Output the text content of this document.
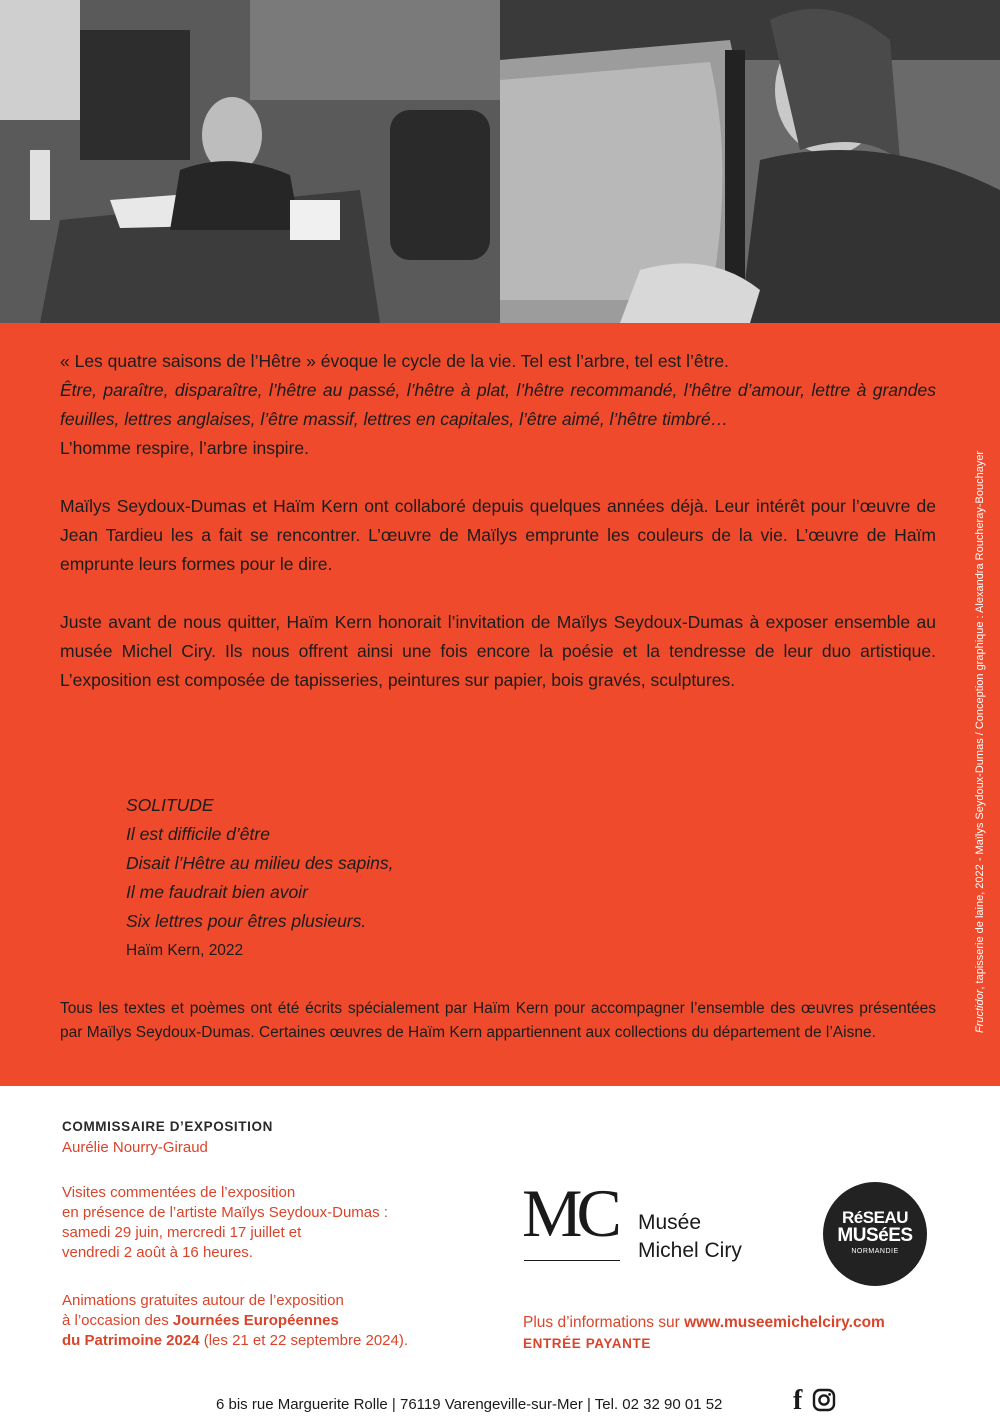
« Les quatre saisons de l’Hêtre » évoque le cycle de la vie. Tel est l’arbre, tel est l’être.

Être, paraître, disparaître, l’hêtre au passé, l’hêtre à plat, l’hêtre recommandé, l’hêtre d’amour, lettre à grandes feuilles, lettres anglaises, l’être massif, lettres en capitales, l’être aimé, l’hêtre timbré…

L’homme respire, l’arbre inspire.

Maïlys Seydoux-Dumas et Haïm Kern ont collaboré depuis quelques années déjà. Leur intérêt pour l’œuvre de Jean Tardieu les a fait se rencontrer. L’œuvre de Maïlys emprunte les couleurs de la vie. L’œuvre de Haïm emprunte leurs formes pour le dire.

Juste avant de nous quitter, Haïm Kern honorait l’invitation de Maïlys Seydoux-Dumas à exposer ensemble au musée Michel Ciry. Ils nous offrent ainsi une fois encore la poésie et la tendresse de leur duo artistique. L’exposition est composée de tapisseries, peintures sur papier, bois gravés, sculptures.

SOLITUDE
Il est difficile d’être
Disait l’Hêtre au milieu des sapins,
Il me faudrait bien avoir
Six lettres pour êtres plusieurs.
Haïm Kern, 2022

Tous les textes et poèmes ont été écrits spécialement par Haïm Kern pour accompagner l’ensemble des œuvres présentées par Maïlys Seydoux-Dumas. Certaines œuvres de Haïm Kern appartiennent aux collections du département de l’Aisne.	Fructidor, tapisserie de laine, 2022 - Maïlys Seydoux-Dumas / Conception graphique : Alexandra Roucheray-Bouchayer
COMMISSAIRE D’EXPOSITION
Aurélie Nourry-Giraud
Visites commentées de l’exposition
en présence de l’artiste Maïlys Seydoux-Dumas :
samedi 29 juin, mercredi 17 juillet et
vendredi 2 août à 16 heures.
Animations gratuites autour de l’exposition
à l’occasion des Journées Européennes
du Patrimoine 2024 (les 21 et 22 septembre 2024).
MC Musée
Michel Ciry
RéSEAU
MUSéES
NORMANDIE
Plus d’informations sur www.museemichelciry.com
ENTRÉE PAYANTE
6 bis rue Marguerite Rolle | 76119 Varengeville-sur-Mer | Tel. 02 32 90 01 52	f
